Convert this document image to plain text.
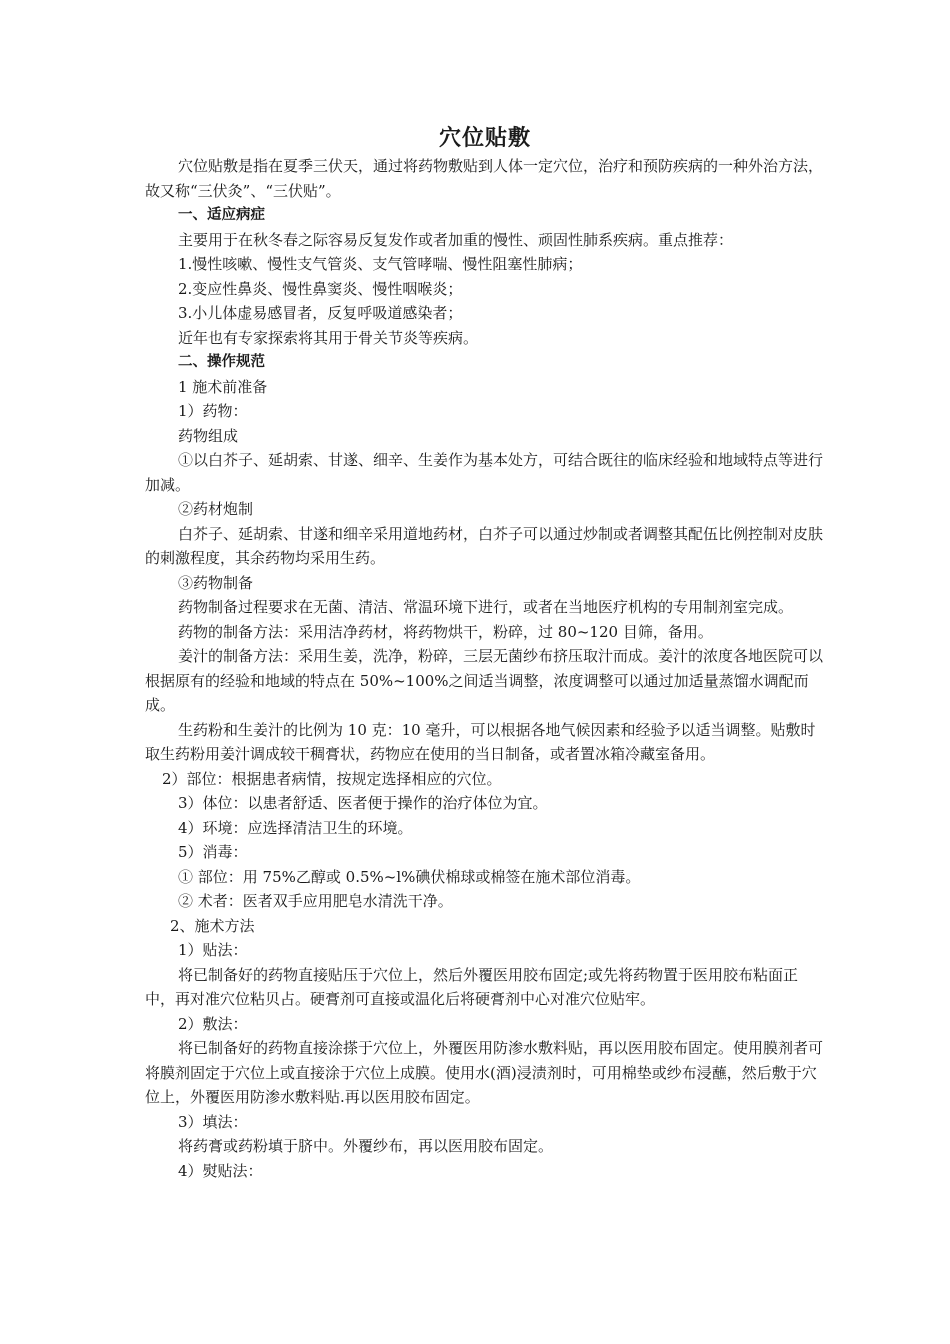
穴位贴敷

穴位贴敷是指在夏季三伏天，通过将药物敷贴到人体一定穴位，治疗和预防疾病的一种外治方法，故又称“三伏灸”、“三伏贴”。

一、适应病症

主要用于在秋冬春之际容易反复发作或者加重的慢性、顽固性肺系疾病。重点推荐：

1.慢性咳嗽、慢性支气管炎、支气管哮喘、慢性阻塞性肺病；

2.变应性鼻炎、慢性鼻窦炎、慢性咽喉炎；

3.小儿体虚易感冒者，反复呼吸道感染者；

近年也有专家探索将其用于骨关节炎等疾病。

二、操作规范

1 施术前准备

1）药物：

药物组成

①以白芥子、延胡索、甘遂、细辛、生姜作为基本处方，可结合既往的临床经验和地域特点等进行加减。

②药材炮制

白芥子、延胡索、甘遂和细辛采用道地药材，白芥子可以通过炒制或者调整其配伍比例控制对皮肤的刺激程度，其余药物均采用生药。

③药物制备

药物制备过程要求在无菌、清洁、常温环境下进行，或者在当地医疗机构的专用制剂室完成。

药物的制备方法：采用洁净药材，将药物烘干，粉碎，过 80~120 目筛，备用。

姜汁的制备方法：采用生姜，洗净，粉碎，三层无菌纱布挤压取汁而成。姜汁的浓度各地医院可以根据原有的经验和地域的特点在 50%~100%之间适当调整，浓度调整可以通过加适量蒸馏水调配而成。

生药粉和生姜汁的比例为 10 克：10 毫升，可以根据各地气候因素和经验予以适当调整。贴敷时取生药粉用姜汁调成较干稠膏状，药物应在使用的当日制备，或者置冰箱冷藏室备用。

2）部位：根据患者病情，按规定选择相应的穴位。

3）体位：以患者舒适、医者便于操作的治疗体位为宜。

4）环境：应选择清洁卫生的环境。

5）消毒：

① 部位：用 75%乙醇或 0.5%~l%碘伏棉球或棉签在施术部位消毒。

② 术者：医者双手应用肥皂水清洗干净。

2、施术方法

1）贴法：

将已制备好的药物直接贴压于穴位上，然后外覆医用胶布固定;或先将药物置于医用胶布粘面正中，再对准穴位粘贝占。硬膏剂可直接或温化后将硬膏剂中心对准穴位贴牢。

2）敷法：

将已制备好的药物直接涂搽于穴位上，外覆医用防渗水敷料贴，再以医用胶布固定。使用膜剂者可将膜剂固定于穴位上或直接涂于穴位上成膜。使用水(酒)浸渍剂时，可用棉垫或纱布浸蘸，然后敷于穴位上，外覆医用防渗水敷料贴.再以医用胶布固定。

3）填法：

将药膏或药粉填于脐中。外覆纱布，再以医用胶布固定。

4）熨贴法：
